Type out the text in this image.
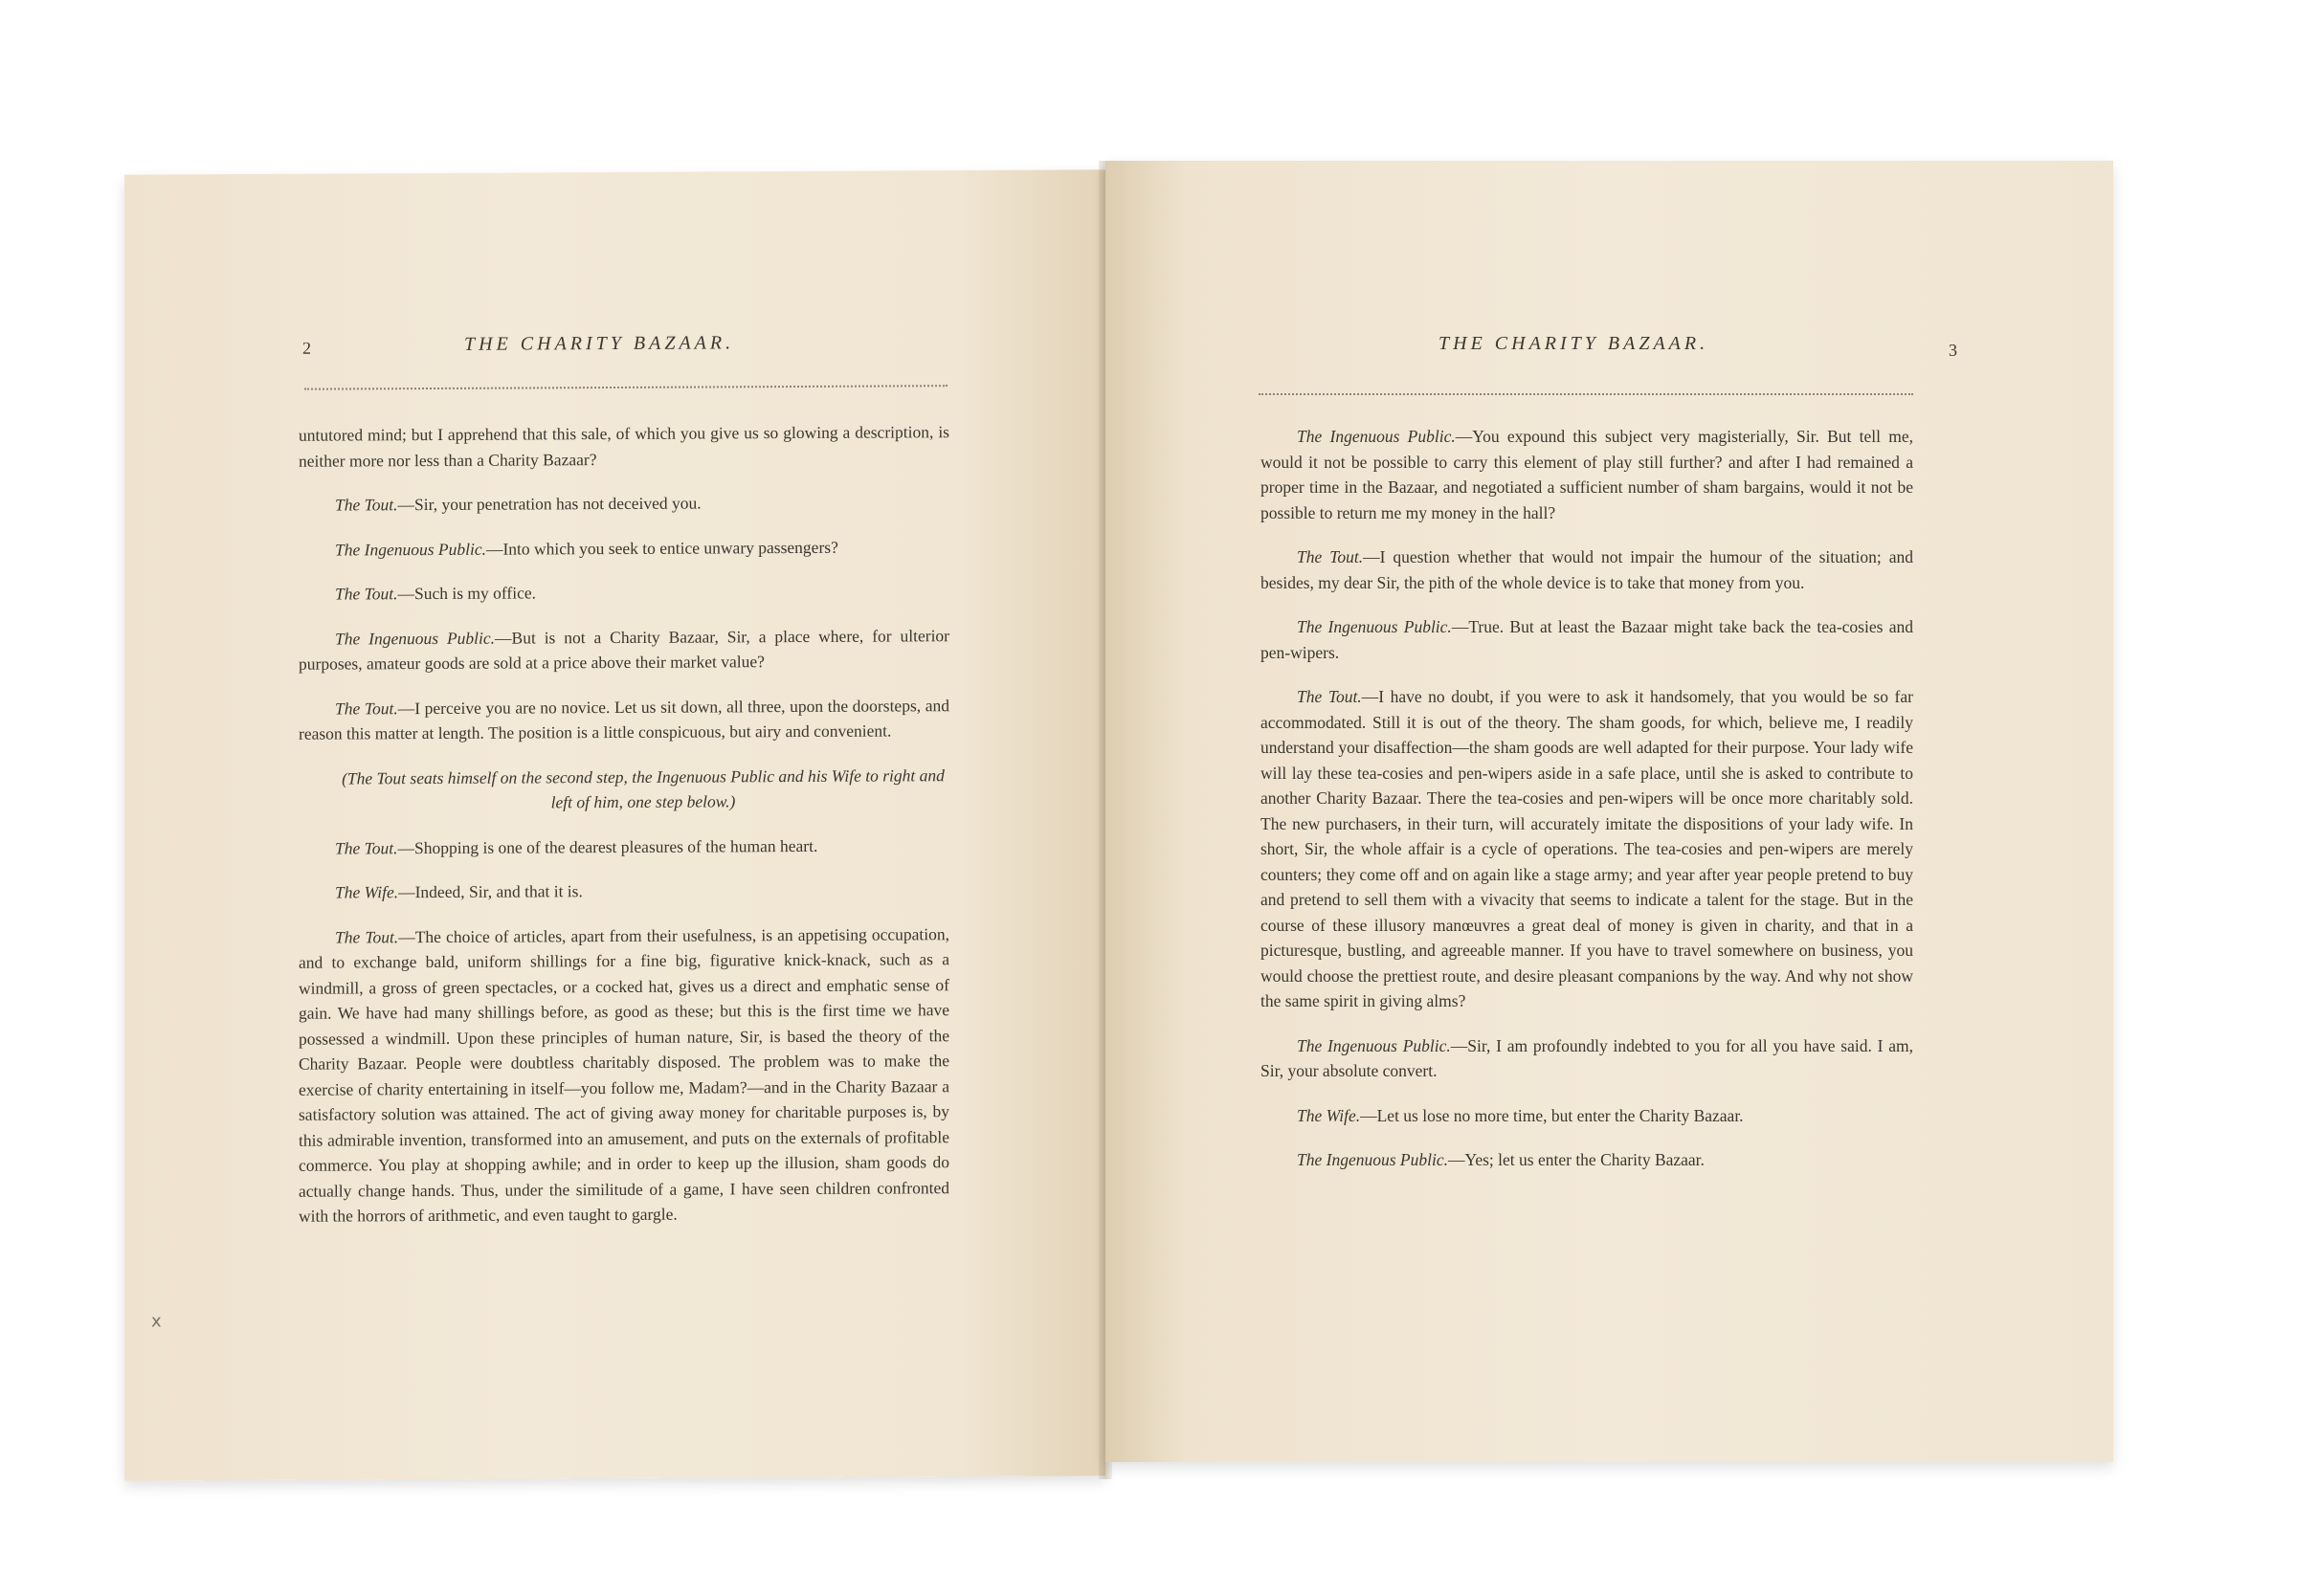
2	THE CHARITY BAZAAR.

untutored mind; but I apprehend that this sale, of which you give us so glowing a description, is neither more nor less than a Charity Bazaar?

The Tout.—Sir, your penetration has not deceived you.

The Ingenuous Public.—Into which you seek to entice unwary passengers?

The Tout.—Such is my office.

The Ingenuous Public.—But is not a Charity Bazaar, Sir, a place where, for ulterior purposes, amateur goods are sold at a price above their market value?

The Tout.—I perceive you are no novice. Let us sit down, all three, upon the doorsteps, and reason this matter at length. The position is a little conspicuous, but airy and convenient.

(The Tout seats himself on the second step, the Ingenuous Public and his Wife to right and left of him, one step below.)

The Tout.—Shopping is one of the dearest pleasures of the human heart.

The Wife.—Indeed, Sir, and that it is.

The Tout.—The choice of articles, apart from their usefulness, is an appetising occupation, and to exchange bald, uniform shillings for a fine big, figurative knick-knack, such as a windmill, a gross of green spectacles, or a cocked hat, gives us a direct and emphatic sense of gain. We have had many shillings before, as good as these; but this is the first time we have possessed a windmill. Upon these principles of human nature, Sir, is based the theory of the Charity Bazaar. People were doubtless charitably disposed. The problem was to make the exercise of charity entertaining in itself—you follow me, Madam?—and in the Charity Bazaar a satisfactory solution was attained. The act of giving away money for charitable purposes is, by this admirable invention, transformed into an amusement, and puts on the externals of profitable commerce. You play at shopping awhile; and in order to keep up the illusion, sham goods do actually change hands. Thus, under the similitude of a game, I have seen children confronted with the horrors of arithmetic, and even taught to gargle.

x
THE CHARITY BAZAAR.	3

The Ingenuous Public.—You expound this subject very magisterially, Sir. But tell me, would it not be possible to carry this element of play still further? and after I had remained a proper time in the Bazaar, and negotiated a sufficient number of sham bargains, would it not be possible to return me my money in the hall?

The Tout.—I question whether that would not impair the humour of the situation; and besides, my dear Sir, the pith of the whole device is to take that money from you.

The Ingenuous Public.—True. But at least the Bazaar might take back the tea-cosies and pen-wipers.

The Tout.—I have no doubt, if you were to ask it handsomely, that you would be so far accommodated. Still it is out of the theory. The sham goods, for which, believe me, I readily understand your disaffection—the sham goods are well adapted for their purpose. Your lady wife will lay these tea-cosies and pen-wipers aside in a safe place, until she is asked to contribute to another Charity Bazaar. There the tea-cosies and pen-wipers will be once more charitably sold. The new purchasers, in their turn, will accurately imitate the dispositions of your lady wife. In short, Sir, the whole affair is a cycle of operations. The tea-cosies and pen-wipers are merely counters; they come off and on again like a stage army; and year after year people pretend to buy and pretend to sell them with a vivacity that seems to indicate a talent for the stage. But in the course of these illusory manœuvres a great deal of money is given in charity, and that in a picturesque, bustling, and agreeable manner. If you have to travel somewhere on business, you would choose the prettiest route, and desire pleasant companions by the way. And why not show the same spirit in giving alms?

The Ingenuous Public.—Sir, I am profoundly indebted to you for all you have said. I am, Sir, your absolute convert.

The Wife.—Let us lose no more time, but enter the Charity Bazaar.

The Ingenuous Public.—Yes; let us enter the Charity Bazaar.
